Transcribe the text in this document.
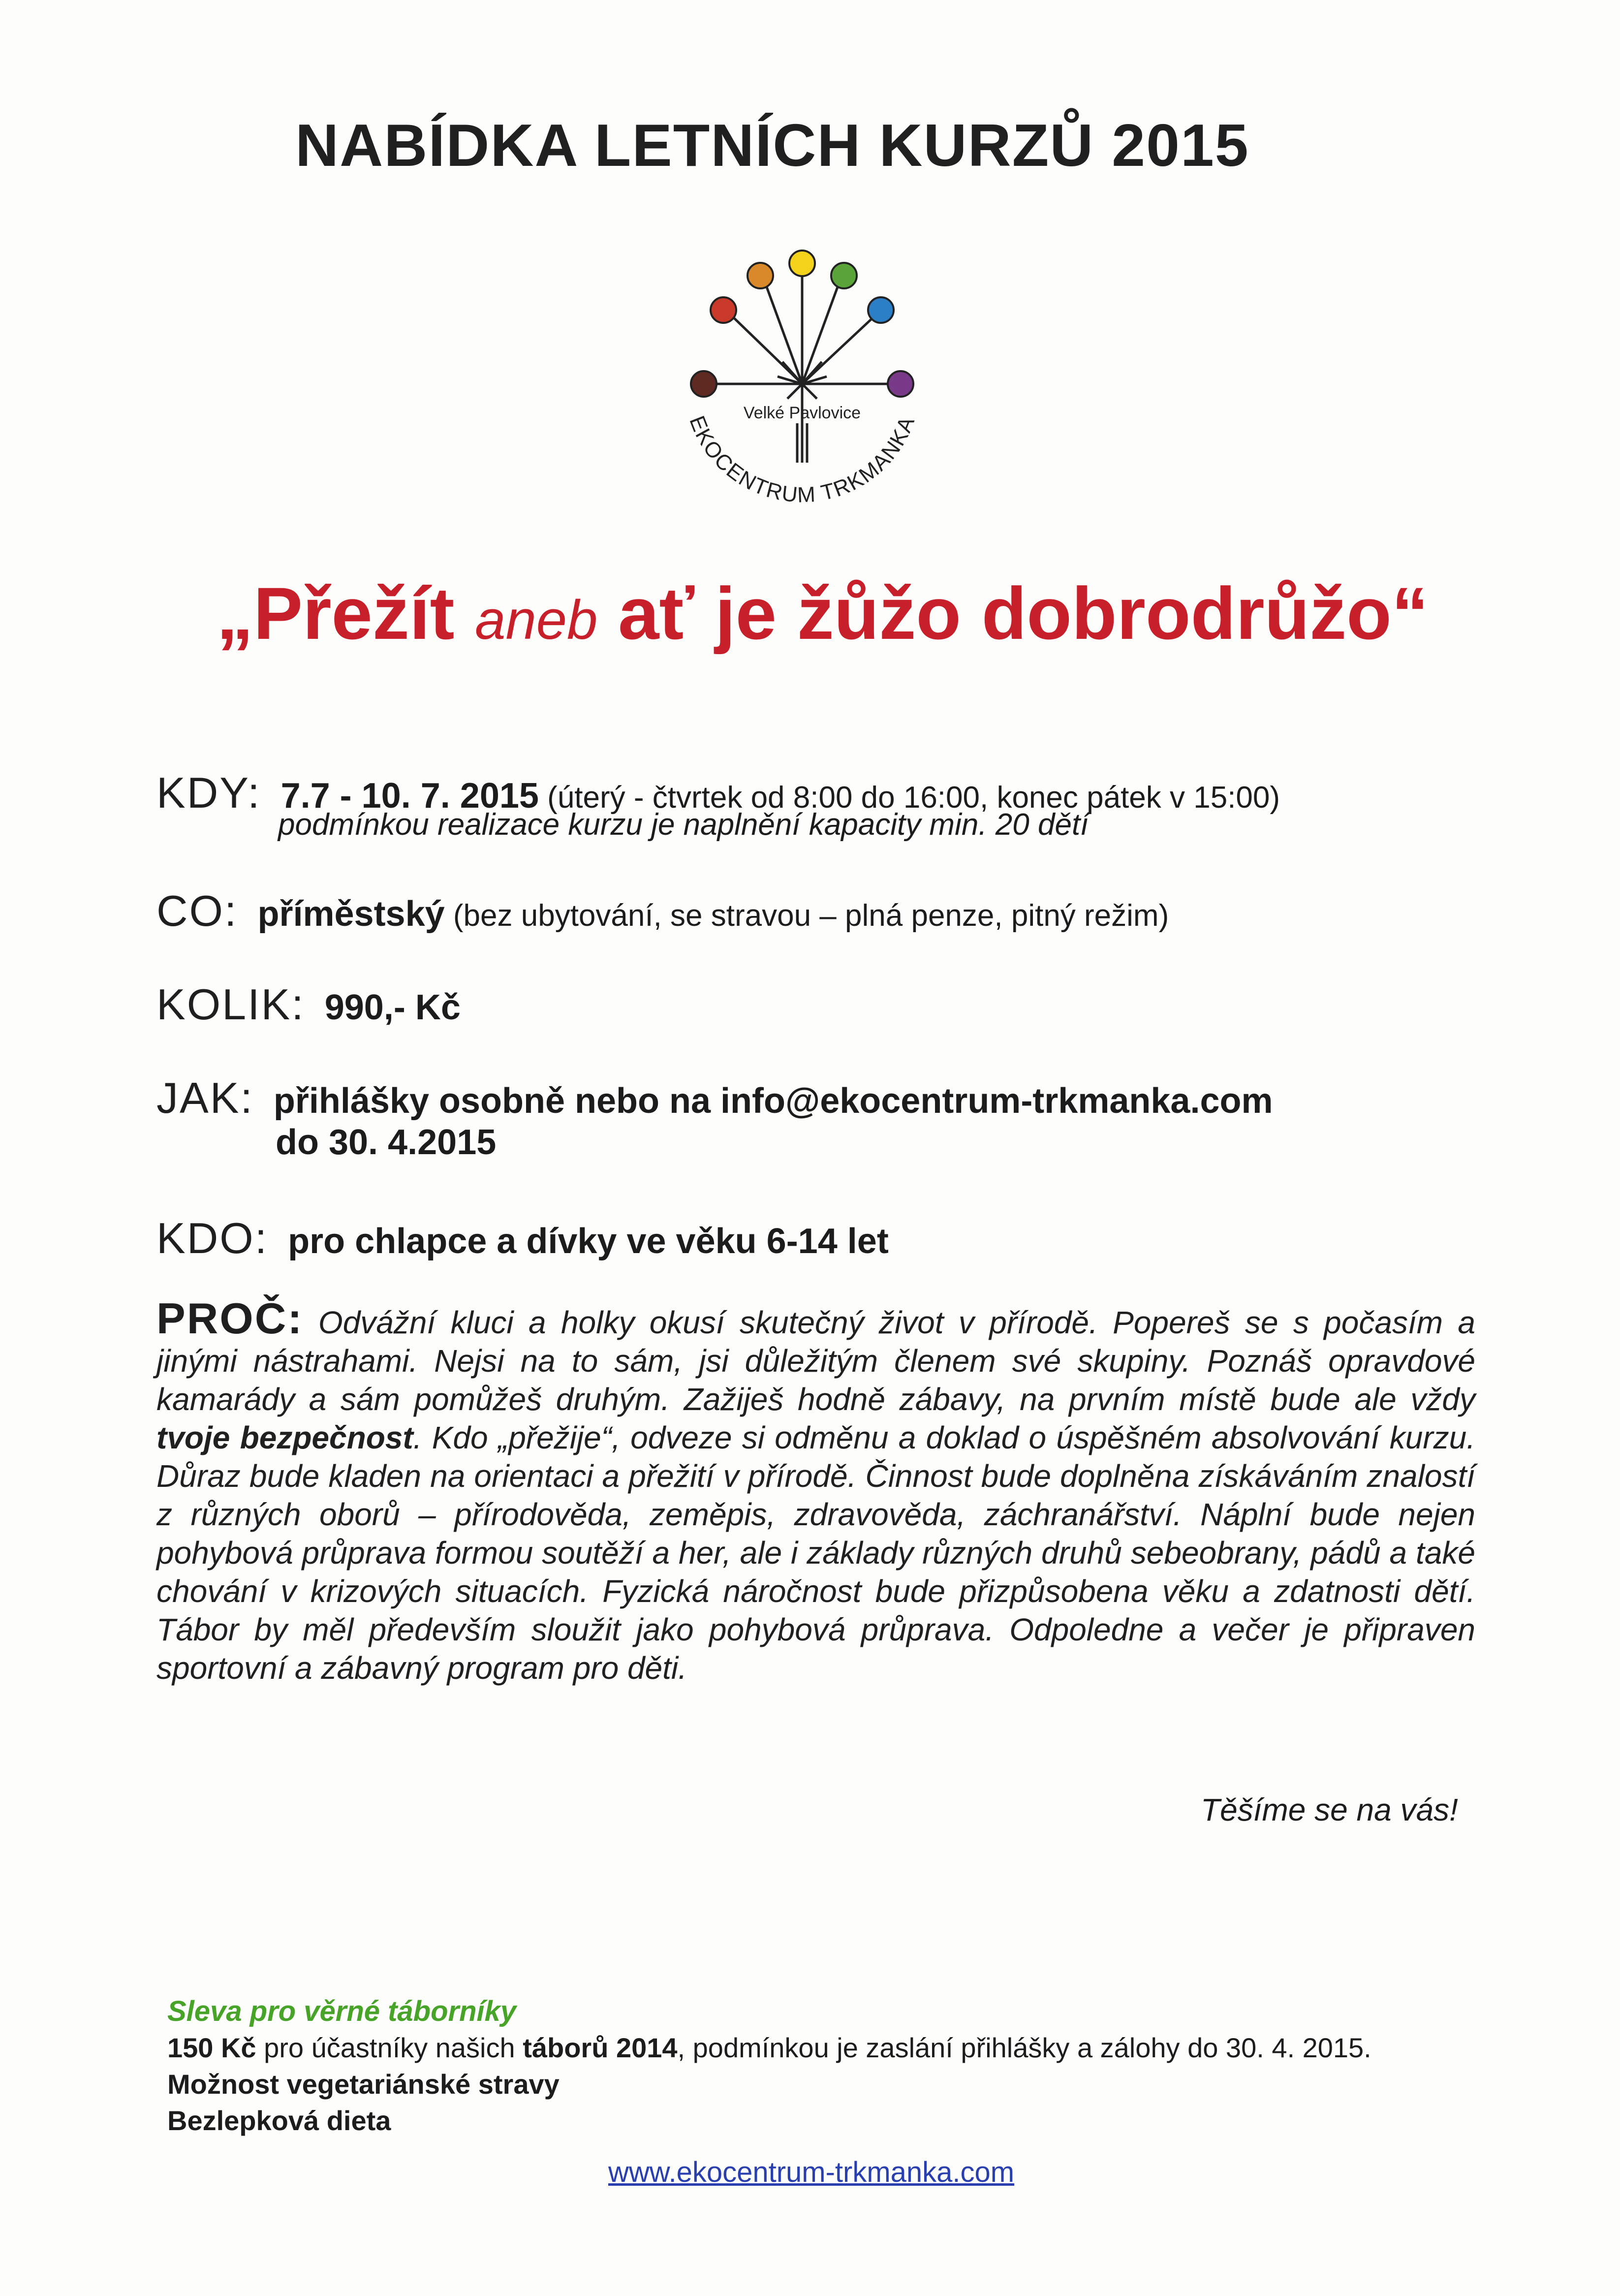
NABÍDKA LETNÍCH KURZŮ 2015
Velké Pavlovice
EKOCENTRUM TRKMANKA
„Přežít aneb ať je žůžo dobrodrůžo“
KDY: 7.7 - 10. 7. 2015 (úterý - čtvrtek od 8:00 do 16:00, konec pátek v 15:00)
podmínkou realizace kurzu je naplnění kapacity min. 20 dětí
CO: příměstský (bez ubytování, se stravou – plná penze, pitný režim)
KOLIK: 990,- Kč
JAK: přihlášky osobně nebo na info@ekocentrum-trkmanka.com
do 30. 4.2015
KDO: pro chlapce a dívky ve věku 6-14 let
PROČ: Odvážní kluci a holky okusí skutečný život v přírodě. Popereš se s počasím a jinými nástrahami. Nejsi na to sám, jsi důležitým členem své skupiny. Poznáš opravdové kamarády a sám pomůžeš druhým. Zažiješ hodně zábavy, na prvním místě bude ale vždy tvoje bezpečnost. Kdo „přežije“, odveze si odměnu a doklad o úspěšném absolvování kurzu. Důraz bude kladen na orientaci a přežití v přírodě. Činnost bude doplněna získáváním znalostí z různých oborů – přírodověda, zeměpis, zdravověda, záchranářství. Náplní bude nejen pohybová průprava formou soutěží a her, ale i základy různých druhů sebeobrany, pádů a také chování v krizových situacích. Fyzická náročnost bude přizpůsobena věku a zdatnosti dětí. Tábor by měl především sloužit jako pohybová průprava. Odpoledne a večer je připraven sportovní a zábavný program pro děti.
Těšíme se na vás!
Sleva pro věrné táborníky
150 Kč pro účastníky našich táborů 2014, podmínkou je zaslání přihlášky a zálohy do 30. 4. 2015.
Možnost vegetariánské stravy
Bezlepková dieta
www.ekocentrum-trkmanka.com
